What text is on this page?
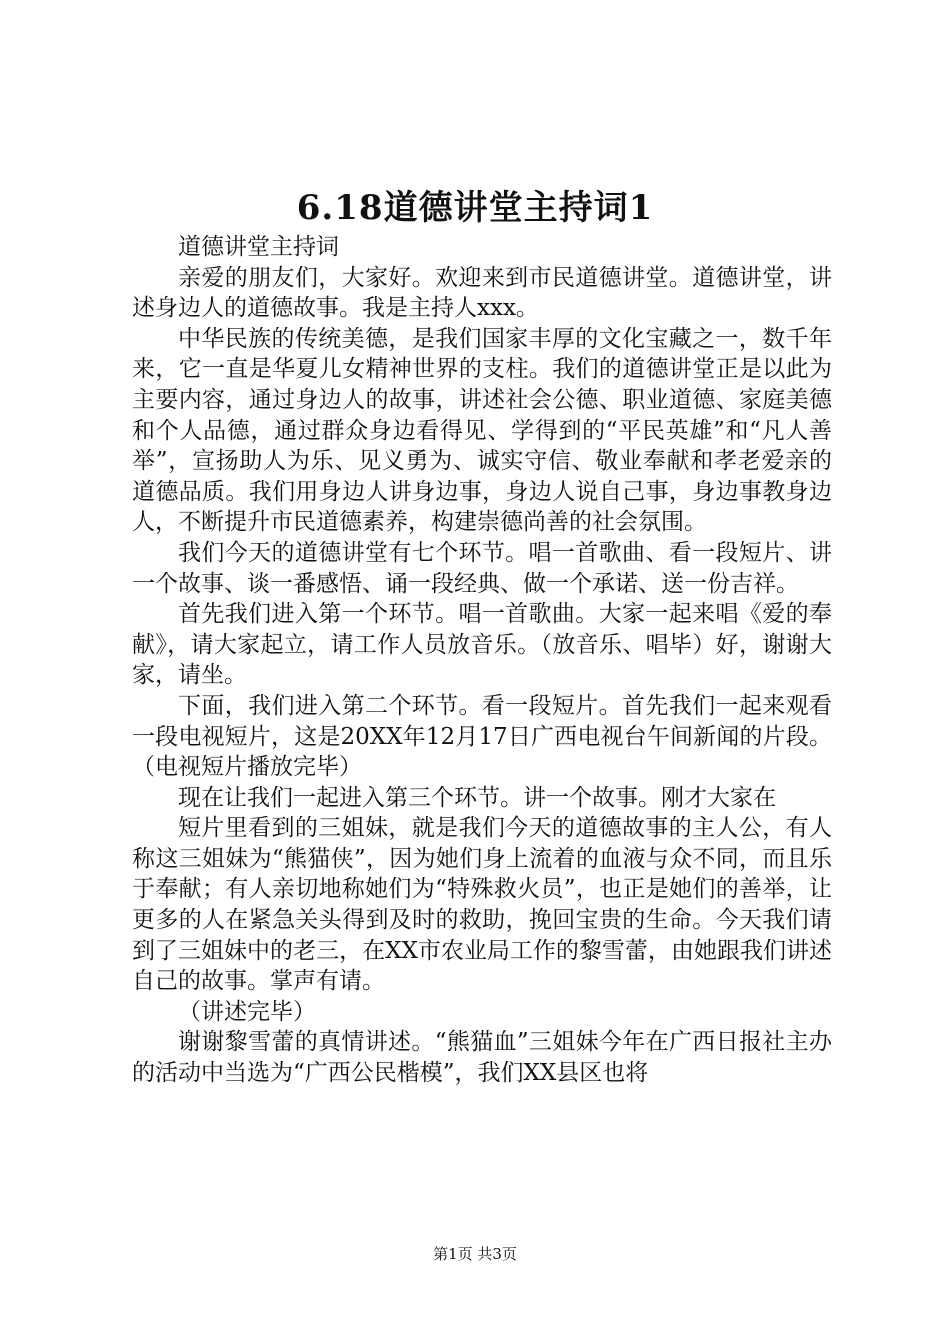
6.18道德讲堂主持词1

道德讲堂主持词

亲爱的朋友们，大家好。欢迎来到市民道德讲堂。道德讲堂，讲述身边人的道德故事。我是主持人xxx。

中华民族的传统美德，是我们国家丰厚的文化宝藏之一，数千年来，它一直是华夏儿女精神世界的支柱。我们的道德讲堂正是以此为主要内容，通过身边人的故事，讲述社会公德、职业道德、家庭美德和个人品德，通过群众身边看得见、学得到的“平民英雄”和“凡人善举”，宣扬助人为乐、见义勇为、诚实守信、敬业奉献和孝老爱亲的道德品质。我们用身边人讲身边事，身边人说自己事，身边事教身边人，不断提升市民道德素养，构建崇德尚善的社会氛围。

我们今天的道德讲堂有七个环节。唱一首歌曲、看一段短片、讲一个故事、谈一番感悟、诵一段经典、做一个承诺、送一份吉祥。

首先我们进入第一个环节。唱一首歌曲。大家一起来唱《爱的奉献》，请大家起立，请工作人员放音乐。（放音乐、唱毕）好，谢谢大家，请坐。

下面，我们进入第二个环节。看一段短片。首先我们一起来观看一段电视短片，这是20XX年12月17日广西电视台午间新闻的片段。（电视短片播放完毕）

现在让我们一起进入第三个环节。讲一个故事。刚才大家在

短片里看到的三姐妹，就是我们今天的道德故事的主人公，有人称这三姐妹为“熊猫侠”，因为她们身上流着的血液与众不同，而且乐于奉献；有人亲切地称她们为“特殊救火员”，也正是她们的善举，让更多的人在紧急关头得到及时的救助，挽回宝贵的生命。今天我们请到了三姐妹中的老三，在XX市农业局工作的黎雪蕾，由她跟我们讲述自己的故事。掌声有请。

（讲述完毕）

谢谢黎雪蕾的真情讲述。“熊猫血”三姐妹今年在广西日报社主办的活动中当选为“广西公民楷模”，我们XX县区也将

第1页 共3页
